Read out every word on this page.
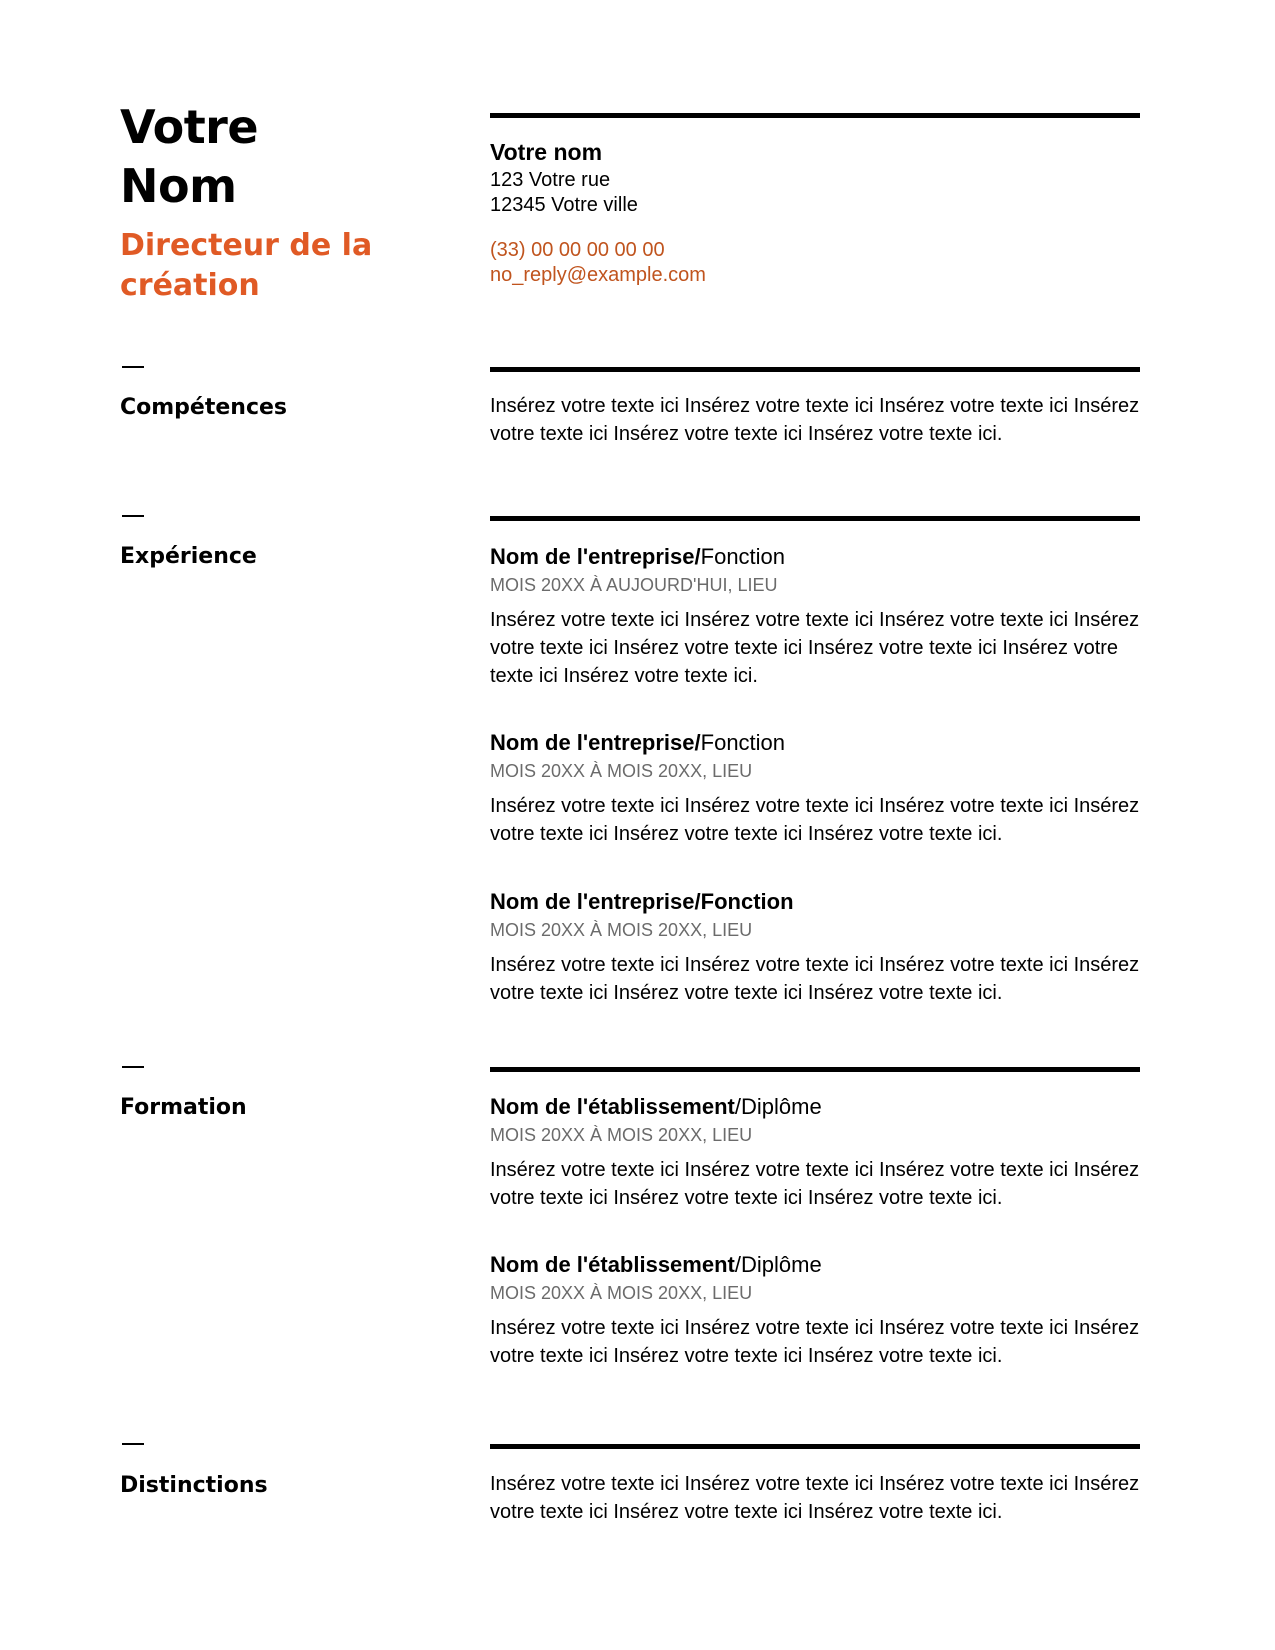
Votre
Nom
Directeur de la création
Votre nom
123 Votre rue
12345 Votre ville
(33) 00 00 00 00 00
no_reply@example.com
Compétences	Insérez votre texte ici Insérez votre texte ici Insérez votre texte ici Insérez votre texte ici Insérez votre texte ici Insérez votre texte ici.
Expérience	Nom de l'entreprise/Fonction
MOIS 20XX À AUJOURD'HUI, LIEU
Insérez votre texte ici Insérez votre texte ici Insérez votre texte ici Insérez votre texte ici Insérez votre texte ici Insérez votre texte ici Insérez votre texte ici Insérez votre texte ici.
Nom de l'entreprise/Fonction
MOIS 20XX À MOIS 20XX, LIEU
Insérez votre texte ici Insérez votre texte ici Insérez votre texte ici Insérez votre texte ici Insérez votre texte ici Insérez votre texte ici.
Nom de l'entreprise/Fonction
MOIS 20XX À MOIS 20XX, LIEU
Insérez votre texte ici Insérez votre texte ici Insérez votre texte ici Insérez votre texte ici Insérez votre texte ici Insérez votre texte ici.
Formation	Nom de l'établissement/Diplôme
MOIS 20XX À MOIS 20XX, LIEU
Insérez votre texte ici Insérez votre texte ici Insérez votre texte ici Insérez votre texte ici Insérez votre texte ici Insérez votre texte ici.
Nom de l'établissement/Diplôme
MOIS 20XX À MOIS 20XX, LIEU
Insérez votre texte ici Insérez votre texte ici Insérez votre texte ici Insérez votre texte ici Insérez votre texte ici Insérez votre texte ici.
Distinctions	Insérez votre texte ici Insérez votre texte ici Insérez votre texte ici Insérez votre texte ici Insérez votre texte ici Insérez votre texte ici.
